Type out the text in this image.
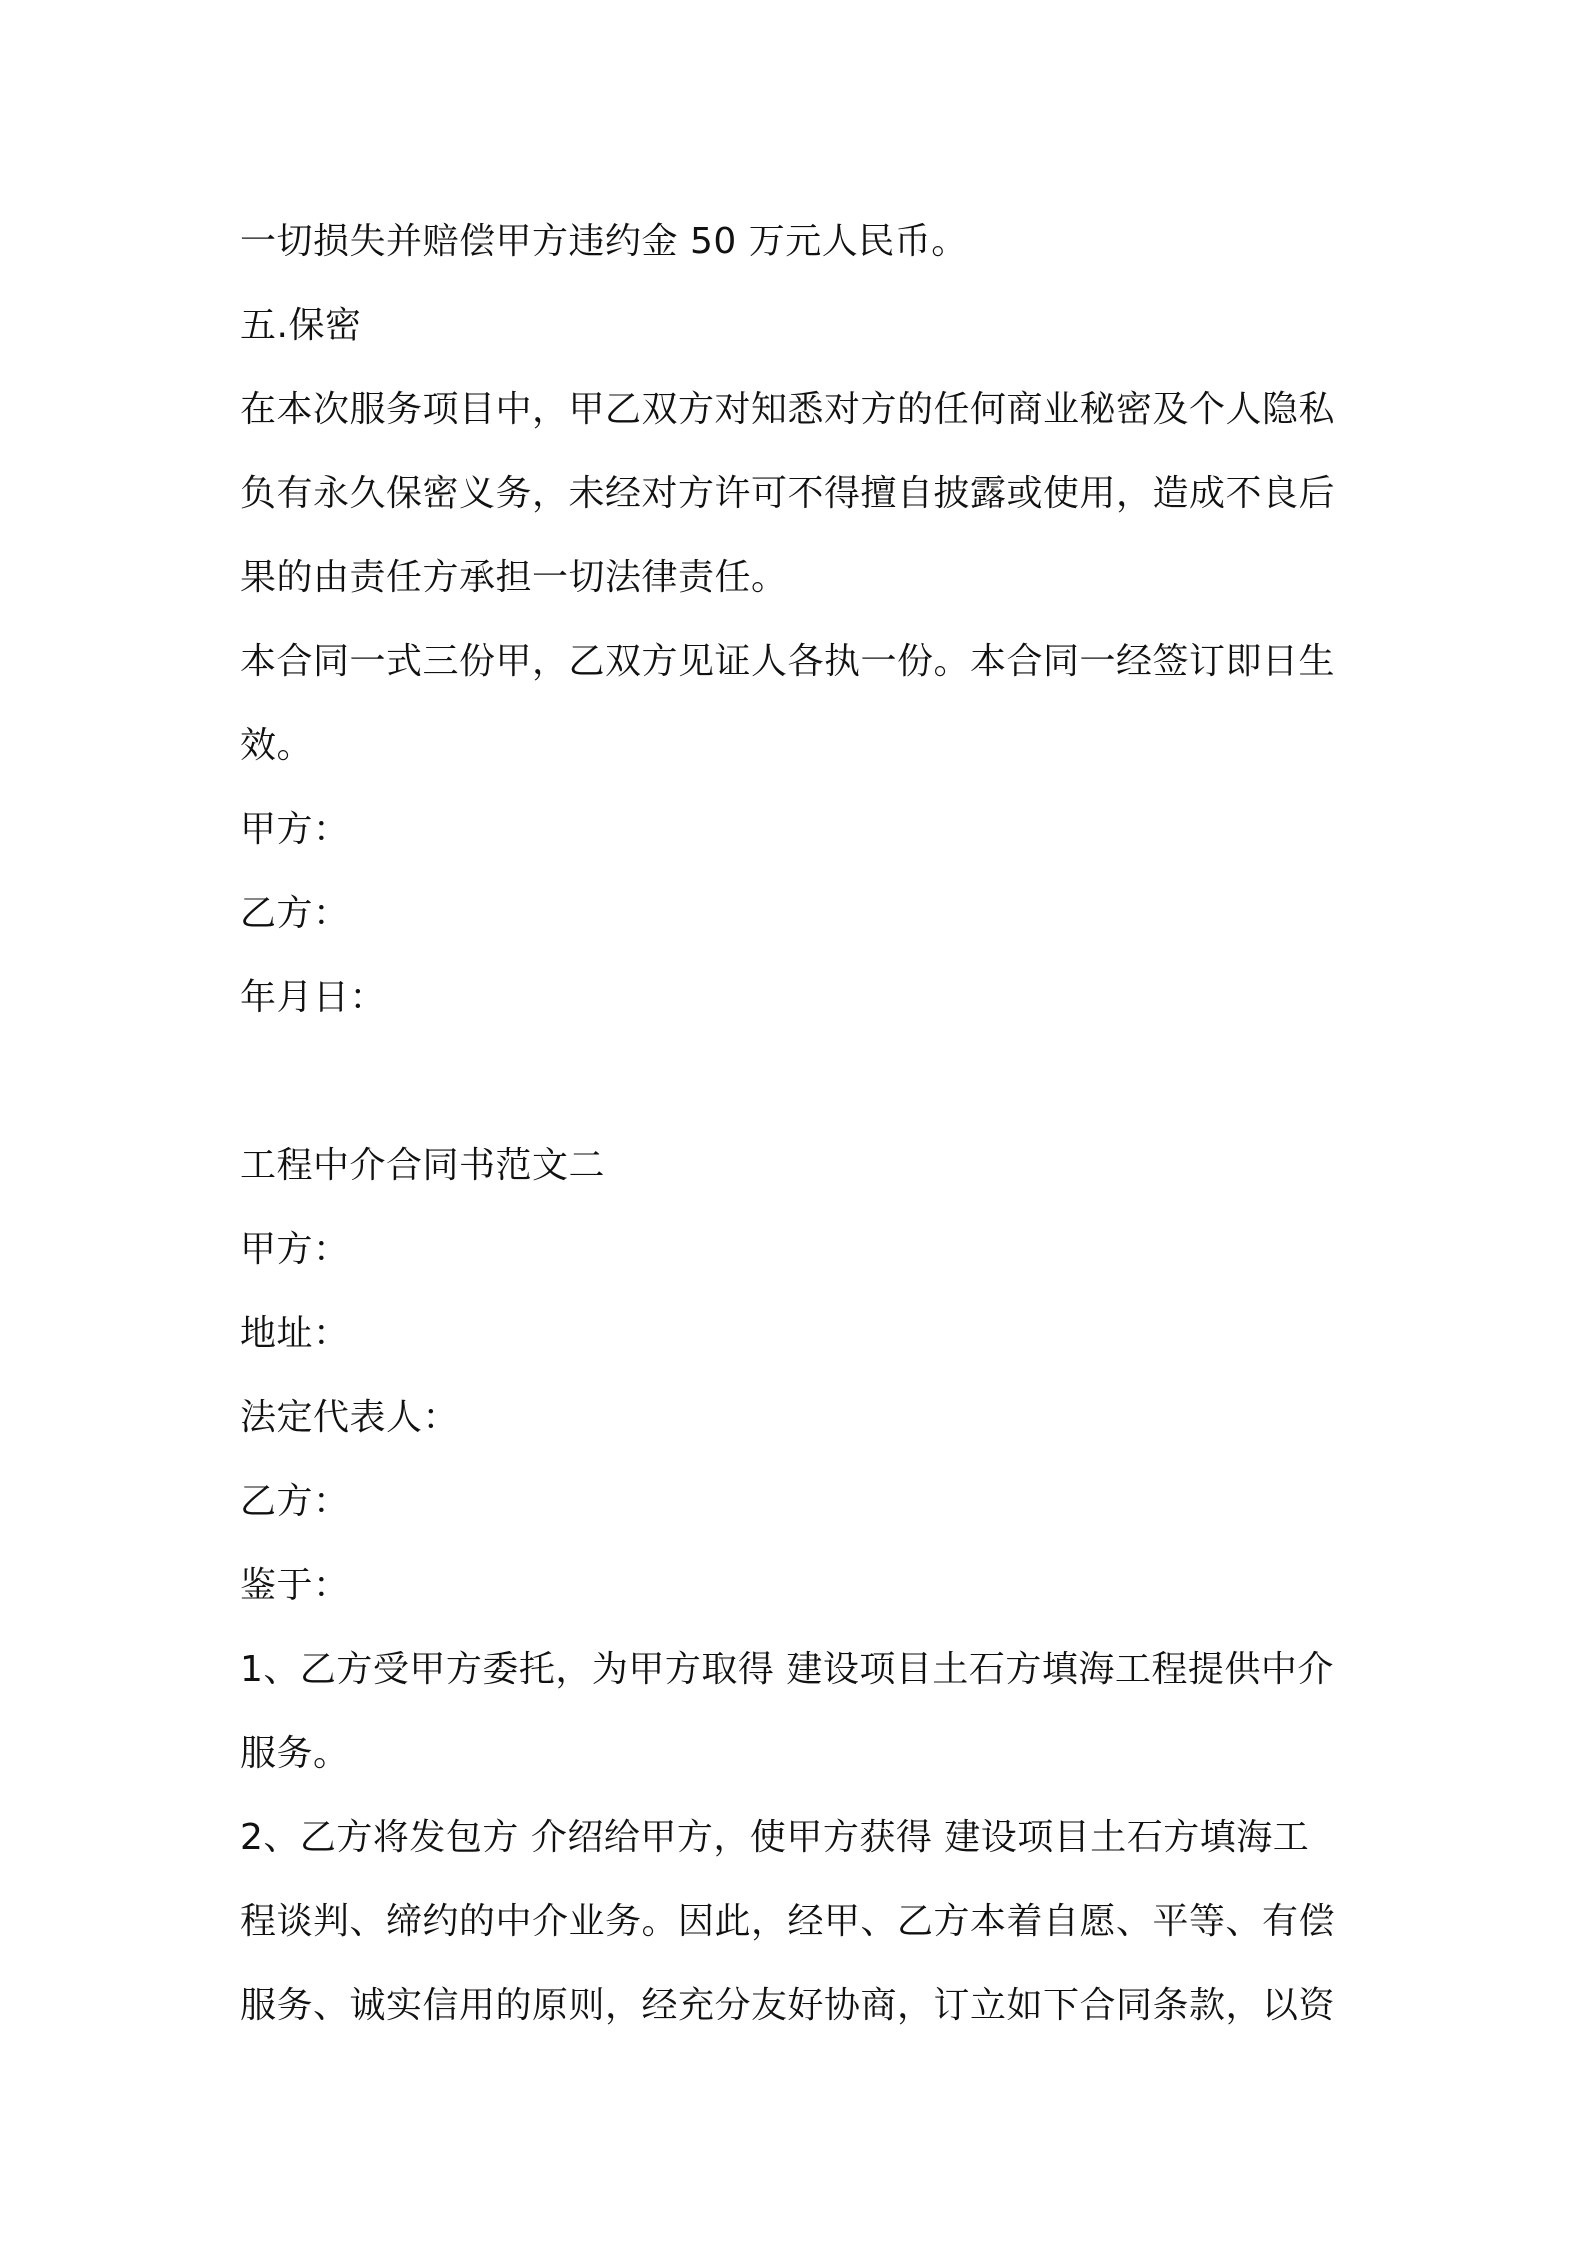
一切损失并赔偿甲方违约金 50 万元人民币。
五.保密
在本次服务项目中，甲乙双方对知悉对方的任何商业秘密及个人隐私
负有永久保密义务，未经对方许可不得擅自披露或使用，造成不良后
果的由责任方承担一切法律责任。
本合同一式三份甲，乙双方见证人各执一份。本合同一经签订即日生
效。
甲方：
乙方：
年月日：
工程中介合同书范文二
甲方：
地址：
法定代表人：
乙方：
鉴于：
1、乙方受甲方委托，为甲方取得 建设项目土石方填海工程提供中介
服务。
2、乙方将发包方 介绍给甲方，使甲方获得 建设项目土石方填海工
程谈判、缔约的中介业务。因此，经甲、乙方本着自愿、平等、有偿
服务、诚实信用的原则，经充分友好协商，订立如下合同条款，以资
